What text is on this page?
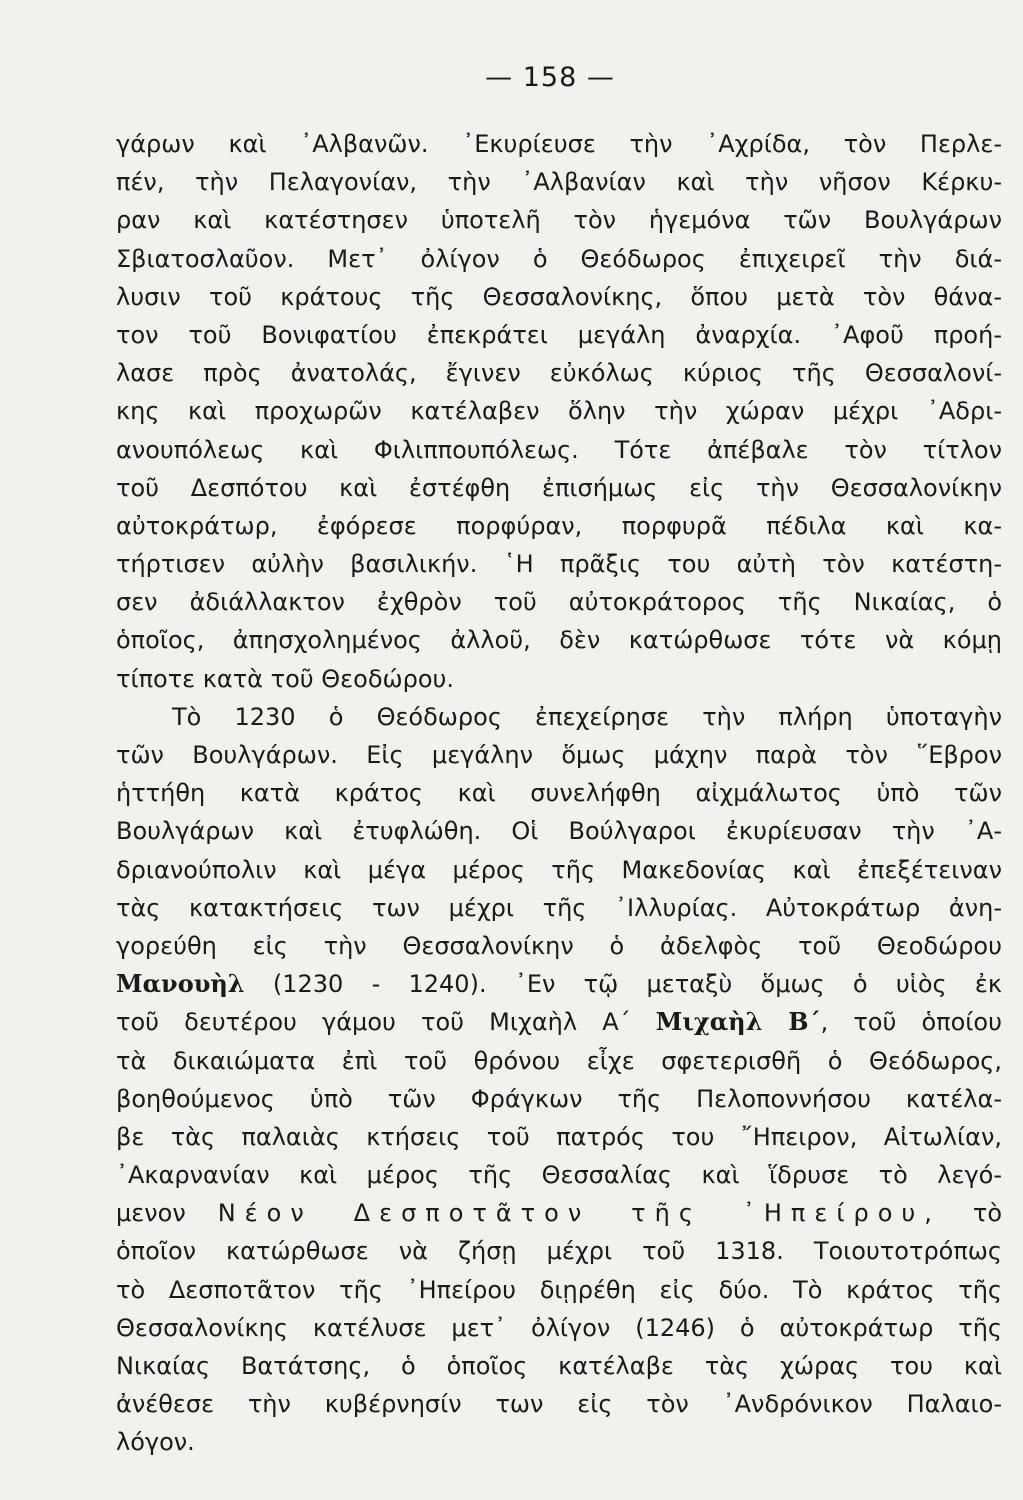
— 158 —
γάρων καὶ ᾿Αλβανῶν. ᾿Εκυρίευσε τὴν ᾿Αχρίδα, τὸν Περλε-
πέν, τὴν Πελαγονίαν, τὴν ᾿Αλβανίαν καὶ τὴν νῆσον Κέρκυ-
ραν καὶ κατέστησεν ὑποτελῆ τὸν ἡγεμόνα τῶν Βουλγάρων
Σβιατοσλαῦον. Μετ᾿ ὀλίγον ὁ Θεόδωρος ἐπιχειρεῖ τὴν διά-
λυσιν τοῦ κράτους τῆς Θεσσαλονίκης, ὅπου μετὰ τὸν θάνα-
τον τοῦ Βονιφατίου ἐπεκράτει μεγάλη ἀναρχία. ᾿Αφοῦ προή-
λασε πρὸς ἀνατολάς, ἔγινεν εὐκόλως κύριος τῆς Θεσσαλονί-
κης καὶ προχωρῶν κατέλαβεν ὅλην τὴν χώραν μέχρι ᾿Αδρι-
ανουπόλεως καὶ Φιλιππουπόλεως. Τότε ἀπέβαλε τὸν τίτλον
τοῦ Δεσπότου καὶ ἐστέφθη ἐπισήμως εἰς τὴν Θεσσαλονίκην
αὐτοκράτωρ, ἐφόρεσε πορφύραν, πορφυρᾶ πέδιλα καὶ κα-
τήρτισεν αὐλὴν βασιλικήν. ῾Η πρᾶξις του αὐτὴ τὸν κατέστη-
σεν ἀδιάλλακτον ἐχθρὸν τοῦ αὐτοκράτορος τῆς Νικαίας, ὁ
ὁποῖος, ἀπησχολημένος ἀλλοῦ, δὲν κατώρθωσε τότε νὰ κόμῃ
τίποτε κατὰ τοῦ Θεοδώρου.
Τὸ 1230 ὁ Θεόδωρος ἐπεχείρησε τὴν πλήρη ὑποταγὴν
τῶν Βουλγάρων. Εἰς μεγάλην ὅμως μάχην παρὰ τὸν ῞Εβρον
ἡττήθη κατὰ κράτος καὶ συνελήφθη αἰχμάλωτος ὑπὸ τῶν
Βουλγάρων καὶ ἐτυφλώθη. Οἱ Βούλγαροι ἐκυρίευσαν τὴν ᾿Α-
δριανούπολιν καὶ μέγα μέρος τῆς Μακεδονίας καὶ ἐπεξέτειναν
τὰς κατακτήσεις των μέχρι τῆς ᾿Ιλλυρίας. Αὐτοκράτωρ ἀνη-
γορεύθη εἰς τὴν Θεσσαλονίκην ὁ ἀδελφὸς τοῦ Θεοδώρου
Μανουὴλ (1230 - 1240). ᾿Εν τῷ μεταξὺ ὅμως ὁ υἱὸς ἐκ
τοῦ δευτέρου γάμου τοῦ Μιχαὴλ Α΄ Μιχαὴλ Β΄, τοῦ ὁποίου
τὰ δικαιώματα ἐπὶ τοῦ θρόνου εἶχε σφετερισθῆ ὁ Θεόδωρος,
βοηθούμενος ὑπὸ τῶν Φράγκων τῆς Πελοποννήσου κατέλα-
βε τὰς παλαιὰς κτήσεις τοῦ πατρός του ῎Ηπειρον, Αἰτωλίαν,
᾿Ακαρνανίαν καὶ μέρος τῆς Θεσσαλίας καὶ ἵδρυσε τὸ λεγό-
μενον Νέον Δεσποτᾶτον τῆς ᾿Ηπείρου, τὸ
ὁποῖον κατώρθωσε νὰ ζήσῃ μέχρι τοῦ 1318. Τοιουτοτρόπως
τὸ Δεσποτᾶτον τῆς ᾿Ηπείρου διῃρέθη εἰς δύο. Τὸ κράτος τῆς
Θεσσαλονίκης κατέλυσε μετ᾿ ὀλίγον (1246) ὁ αὐτοκράτωρ τῆς
Νικαίας Βατάτσης, ὁ ὁποῖος κατέλαβε τὰς χώρας του καὶ
ἀνέθεσε τὴν κυβέρνησίν των εἰς τὸν ᾿Ανδρόνικον Παλαιο-
λόγον.
